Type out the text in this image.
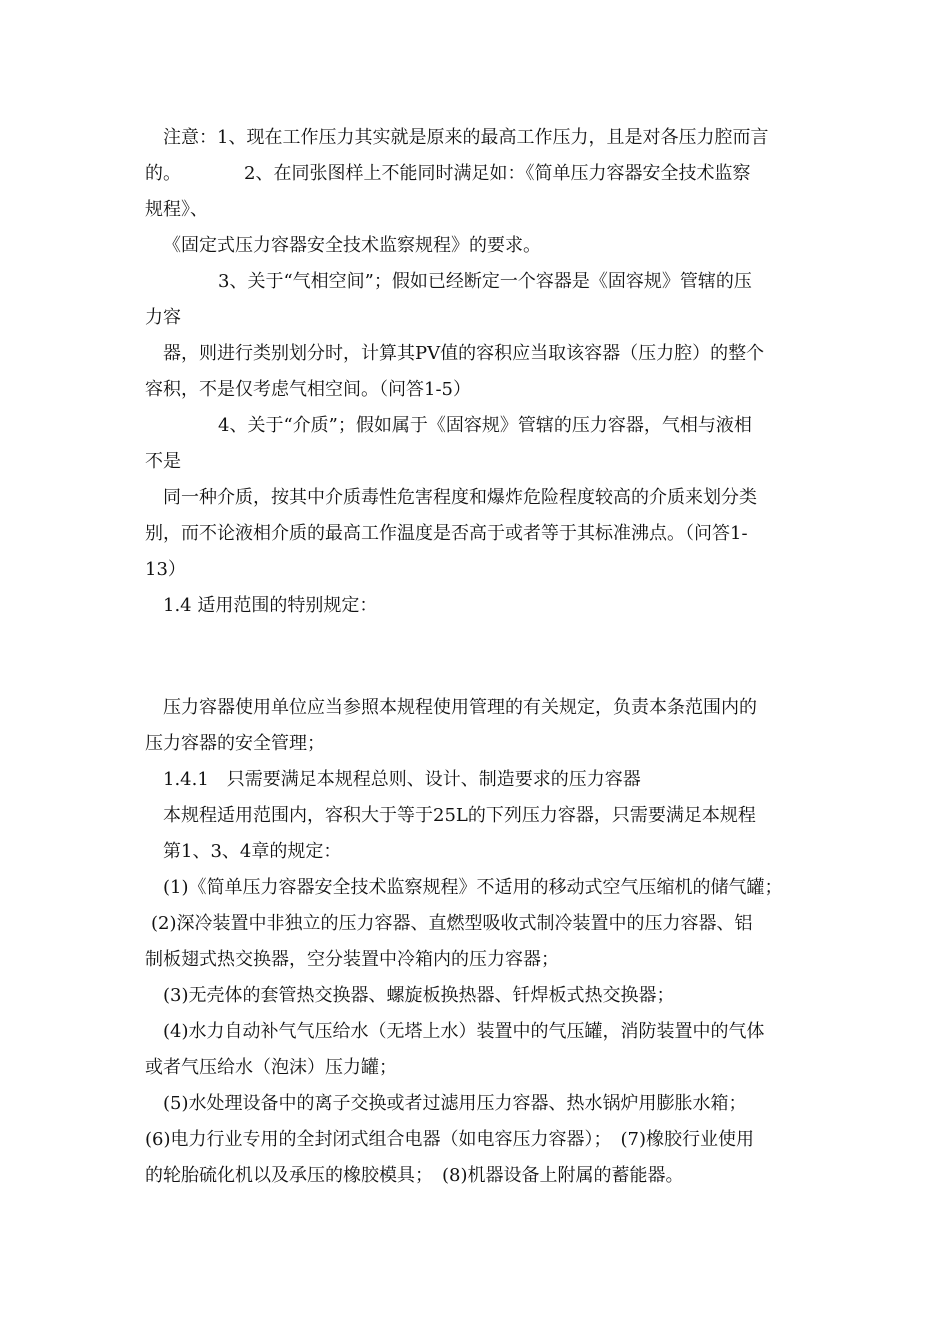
注意：1、现在工作压力其实就是原来的最高工作压力，且是对各压力腔而言
的。　　　　2、在同张图样上不能同时满足如：《简单压力容器安全技术监察
规程》、
《固定式压力容器安全技术监察规程》的要求。
3、关于“气相空间”；假如已经断定一个容器是《固容规》管辖的压
力容
器，则进行类别划分时，计算其PV值的容积应当取该容器（压力腔）的整个
容积，不是仅考虑气相空间。（问答1-5）
4、关于“介质”；假如属于《固容规》管辖的压力容器，气相与液相
不是
同一种介质，按其中介质毒性危害程度和爆炸危险程度较高的介质来划分类
别，而不论液相介质的最高工作温度是否高于或者等于其标准沸点。（问答1-
13）
1.4 适用范围的特别规定：
压力容器使用单位应当参照本规程使用管理的有关规定，负责本条范围内的
压力容器的安全管理；
1.4.1　只需要满足本规程总则、设计、制造要求的压力容器
本规程适用范围内，容积大于等于25L的下列压力容器，只需要满足本规程
第1、3、4章的规定：
(1)《简单压力容器安全技术监察规程》不适用的移动式空气压缩机的储气罐；
(2)深冷装置中非独立的压力容器、直燃型吸收式制冷装置中的压力容器、铝
制板翅式热交换器，空分装置中冷箱内的压力容器；
(3)无壳体的套管热交换器、螺旋板换热器、钎焊板式热交换器；
(4)水力自动补气气压给水（无塔上水）装置中的气压罐，消防装置中的气体
或者气压给水（泡沫）压力罐；
(5)水处理设备中的离子交换或者过滤用压力容器、热水锅炉用膨胀水箱；
(6)电力行业专用的全封闭式组合电器（如电容压力容器）；　(7)橡胶行业使用
的轮胎硫化机以及承压的橡胶模具；　(8)机器设备上附属的蓄能器。
